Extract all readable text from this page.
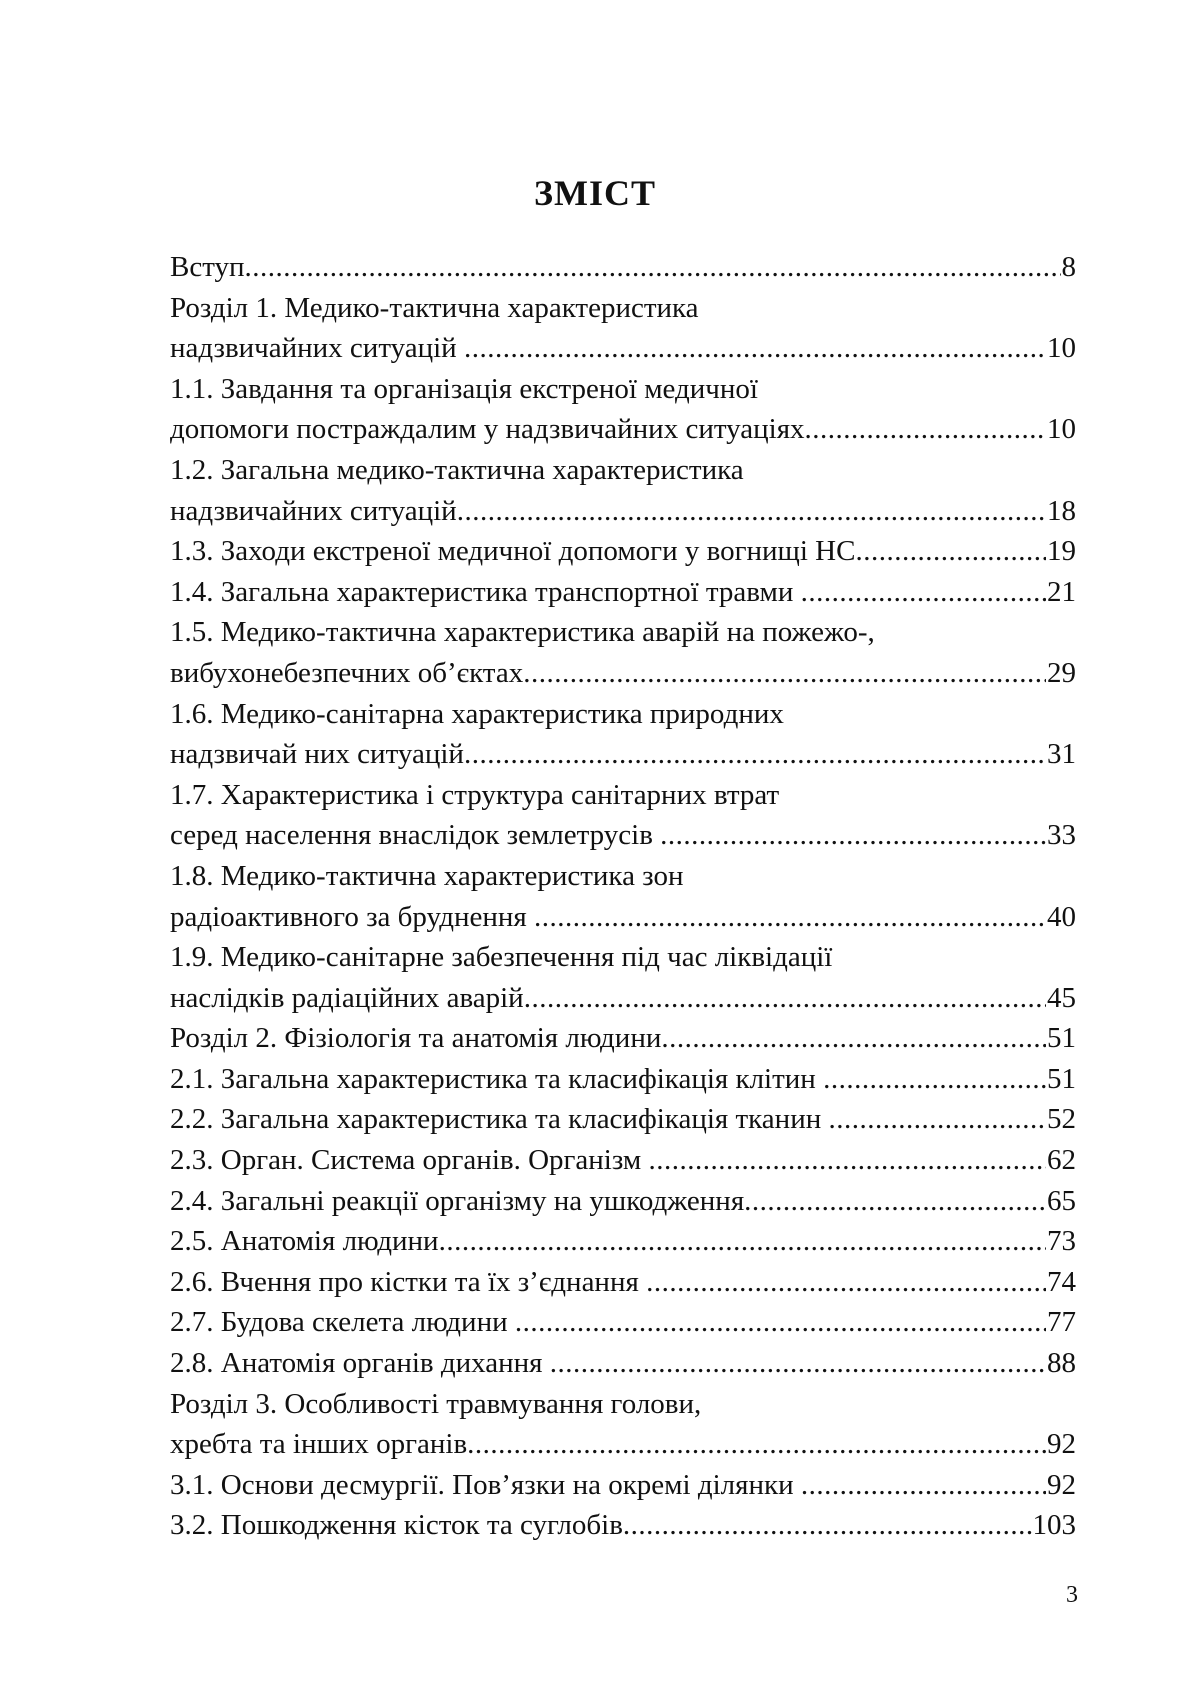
ЗМІСТ
Вступ .....	8
Розділ 1. Медико-тактична характеристика
надзвичайних ситуацій .....	10
1.1. Завдання та організація екстреної медичної
допомоги постраждалим у надзвичайних ситуаціях .....	10
1.2. Загальна медико-тактична характеристика
надзвичайних ситуацій .....	18
1.3. Заходи екстреної медичної допомоги у вогнищі НС .....	19
1.4. Загальна характеристика транспортної травми .....	21
1.5. Медико-тактична характеристика аварій на пожежо-,
вибухонебезпечних об’єктах .....	29
1.6. Медико-санітарна характеристика природних
надзвичай них ситуацій .....	31
1.7. Характеристика і структура санітарних втрат
серед населення внаслідок землетрусів .....	33
1.8. Медико-тактична характеристика зон
радіоактивного за бруднення .....	40
1.9. Медико-санітарне забезпечення під час ліквідації
наслідків радіаційних аварій .....	45
Розділ 2. Фізіологія та анатомія людини .....	51
2.1. Загальна характеристика та класифікація клітин .....	51
2.2. Загальна характеристика та класифікація тканин .....	52
2.3. Орган. Система органів. Організм .....	62
2.4. Загальні реакції організму на ушкодження .....	65
2.5. Анатомія людини .....	73
2.6. Вчення про кістки та їх з’єднання .....	74
2.7. Будова скелета людини .....	77
2.8. Анатомія органів дихання .....	88
Розділ 3. Особливості травмування голови,
хребта та інших органів .....	92
3.1. Основи десмургії. Пов’язки на окремі ділянки .....	92
3.2. Пошкодження кісток та суглобів .....	103
3
